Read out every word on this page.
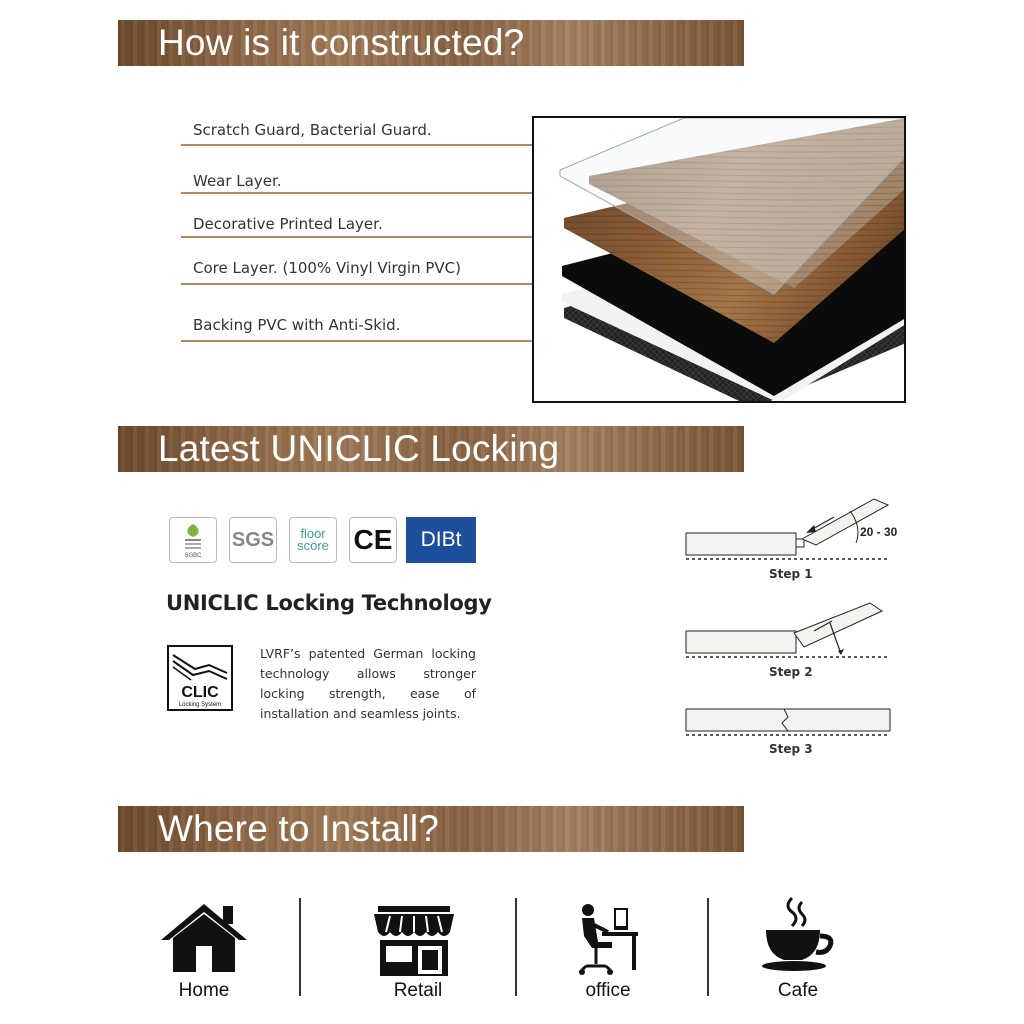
How is it constructed?
Scratch Guard, Bacterial Guard.
Wear Layer.
Decorative Printed Layer.
Core Layer. (100% Vinyl Virgin PVC)
Backing PVC with Anti-Skid.
Latest UNICLIC Locking Technology
SGBC
SGS floor
score CE	DIBt
UNICLIC Locking Technology
CLIC
Locking System
LVRF’s patented German locking technology allows stronger locking strength, ease of installation and seamless joints.
20 - 30
Step 1
Step 2
Step 3
Where to Install?
Home	Retail	office	Cafe
